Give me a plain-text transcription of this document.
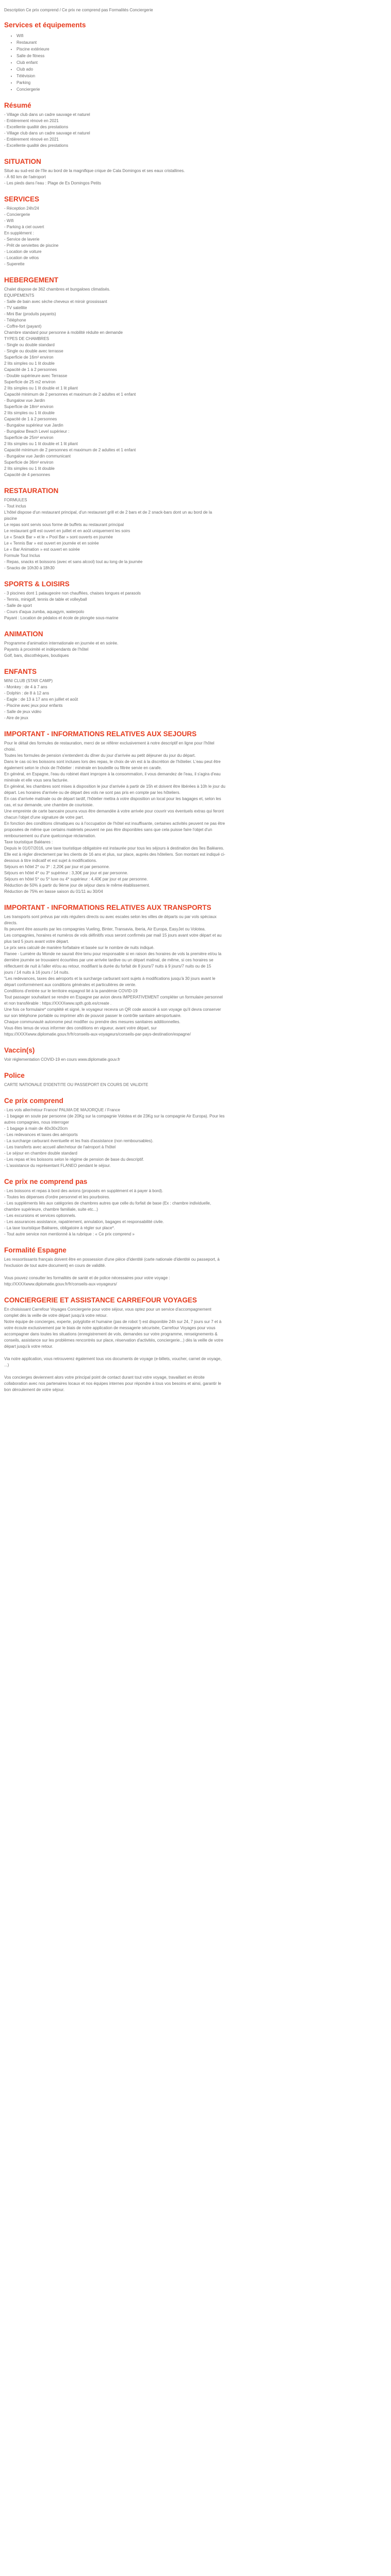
Description Ce prix comprend / Ce prix ne comprend pas Formalités Conciergerie
Services et équipements
• Wifi
• Restaurant
• Piscine extérieure
• Salle de fitness
• Club enfant
• Club ado
• Télévision
• Parking
• Conciergerie
Résumé
- Village club dans un cadre sauvage et naturel
- Entièrement rénové en 2021
- Excellente qualité des prestations
- Village club dans un cadre sauvage et naturel
- Entièrement rénové en 2021
- Excellente qualité des prestations
SITUATION
Situé au sud-est de l'île au bord de la magnifique crique de Cala Domingos et ses eaux cristallines.
- À 60 km de l'aéroport
- Les pieds dans l'eau : Plage de Es Domingos Petits
SERVICES
- Réception 24h/24
- Conciergerie
- Wifi
- Parking à ciel ouvert
En supplément :
- Service de laverie
- Prêt de serviettes de piscine
- Location de voiture
- Location de vélos
- Superette
HEBERGEMENT
Chalet dispose de 362 chambres et bungalows climatisés.
EQUIPEMENTS
- Salle de bain avec sèche cheveux et miroir grossissant
- TV satellite
- Mini Bar (produits payants)
- Téléphone
- Coffre-fort (payant)
Chambre standard pour personne à mobilité réduite en demande
TYPES DE CHAMBRES
- Single ou double standard
- Single ou double avec terrasse
Superficie de 16m² environ
2 lits simples ou 1 lit double
Capacité de 1 à 2 personnes
- Double supérieure avec Terrasse
Superficie de 25 m2 environ
2 lits simples ou 1 lit double et 1 lit pliant
Capacité minimum de 2 personnes et maximum de 2 adultes et 1 enfant
- Bungalow vue Jardin
Superficie de 18m² environ
2 lits simples ou 1 lit double
Capacité de 1 à 2 personnes
- Bungalow supérieur vue Jardin
- Bungalow Beach Level supérieur :
Superficie de 25m² environ
2 lits simples ou 1 lit double et 1 lit pliant
Capacité minimum de 2 personnes et maximum de 2 adultes et 1 enfant
- Bungalow vue Jardin communicant
Superficie de 36m² environ
2 lits simples ou 1 lit double
Capacité de 4 personnes
RESTAURATION
FORMULES
- Tout inclus
L'hôtel dispose d'un restaurant principal, d'un restaurant grill et de 2 bars et de 2 snack-bars dont un au bord de la
piscine
Le repas sont servis sous forme de buffets au restaurant principal
Le restaurant grill est ouvert en juillet et en août uniquement les soirs
Le « Snack Bar » et le « Pool Bar » sont ouverts en journée
Le « Tennis Bar » est ouvert en journée et en soirée
Le « Bar Animation » est ouvert en soirée
Formule Tout Inclus
- Repas, snacks et boissons (avec et sans alcool) tout au long de la journée
- Snacks de 10h30 à 18h30
SPORTS & LOISIRS
- 3 piscines dont 1 pataugeoire non chauffées, chaises longues et parasols
- Tennis, minigolf, tennis de table et volleyball
- Salle de sport
- Cours d'aqua zumba, aquagym, waterpolo
Payant : Location de pédalos et école de plongée sous-marine
ANIMATION
Programme d'animation internationale en journée et en soirée.
Payants à proximité et indépendants de l'hôtel
Golf, bars, discothèques, boutiques
ENFANTS
MINI CLUB (STAR CAMP)
- Monkey : de 4 à 7 ans
- Dolphin : de 8 à 12 ans
- Eagle : de 13 à 17 ans en juillet et août
- Piscine avec jeux pour enfants
- Salle de jeux vidéo
- Aire de jeux
IMPORTANT - INFORMATIONS RELATIVES AUX SEJOURS
Pour le détail des formules de restauration, merci de se référer exclusivement à notre descriptif en ligne pour l'hôtel
choisi.
Toutes les formules de pension s'entendent du dîner du jour d'arrivée au petit déjeuner du jour du départ.
Dans le cas où les boissons sont incluses lors des repas, le choix de vin est à la discrétion de l'hôtelier. L'eau peut être
également selon le choix de l'hôtelier : minérale en bouteille ou filtrée servie en carafe.
En général, en Espagne, l'eau du robinet étant impropre à la consommation, il vous demandez de l'eau, il s'agira d'eau
minérale et elle vous sera facturée.
En général, les chambres sont mises à disposition le jour d'arrivée à partir de 15h et doivent être libérées à 10h le jour du
départ. Les horaires d'arrivée ou de départ des vols ne sont pas pris en compte par les hôteliers.
En cas d'arrivée matinale ou de départ tardif, l'hôtelier mettra à votre disposition un local pour les bagages et, selon les
cas, et sur demande, une chambre de courtoisie.
Une empreinte de carte bancaire pourra vous être demandée à votre arrivée pour couvrir vos éventuels extras qui feront
chacun l'objet d'une signature de votre part.
En fonction des conditions climatiques ou à l'occupation de l'hôtel est insuffisante, certaines activités peuvent ne pas être
proposées de même que certains matériels peuvent ne pas être disponibles sans que cela puisse faire l'objet d'un
remboursement ou d'une quelconque réclamation.
Taxe touristique Baléares :
Depuis le 01/07/2016, une taxe touristique obligatoire est instaurée pour tous les séjours à destination des îles Baléares.
Elle est à régler directement par les clients de 16 ans et plus, sur place, auprès des hôteliers. Son montant est indiqué ci-
dessous à titre indicatif et est sujet à modifications.
Séjours en hôtel 2* ou 3* : 2,20€ par jour et par personne.
Séjours en hôtel 4* ou 3* supérieur : 3,30€ par jour et par personne.
Séjours en hôtel 5* ou 5* luxe ou 4* supérieur : 4,40€ par jour et par personne.
Réduction de 50% à partir du 9ème jour de séjour dans le même établissement.
Réduction de 75% en basse saison du 01/11 au 30/04
IMPORTANT - INFORMATIONS RELATIVES AUX TRANSPORTS
Les transports sont prévus par vols réguliers directs ou avec escales selon les villes de départs ou par vols spéciaux
directs.
Ils peuvent être assurés par les compagnies Vueling, Binter, Transavia, Iberia, Air Europa, EasyJet ou Volotea.
Les compagnies, horaires et numéros de vols définitifs vous seront confirmés par mail 15 jours avant votre départ et au
plus tard 5 jours avant votre départ.
Le prix sera calculé de manière forfaitaire et basée sur le nombre de nuits indiqué.
Flanee - Lumière du Monde ne saurait être tenu pour responsable si en raison des horaires de vols la première et/ou la
dernière journée se trouvaient écourtées par une arrivée tardive ou un départ matinal, de même, si ces horaires se
réflectuent de nuit à l'aller et/ou au retour, modifiant la durée du forfait de 8 jours/7 nuits à 9 jours/7 nuits ou de 15
jours / 14 nuits à 16 jours / 14 nuits.
"Les redevances, taxes des aéroports et la surcharge carburant sont sujets à modifications jusqu'à 30 jours avant le
départ conformément aux conditions générales et particulières de vente.
Conditions d'entrée sur le territoire espagnol lié à la pandémie COVID-19
Tout passager souhaitant se rendre en Espagne par avion devra IMPERATIVEMENT compléter un formulaire personnel
et non transférable : https://XXXXwww.spth.gob.es/create .
Une fois ce formulaire* complété et signé, le voyageur recevra un QR code associé à son voyage qu'il devra conserver
sur son téléphone portable ou imprimer afin de pouvoir passer le contrôle sanitaire aéroportuaire.
Chaque communauté autonome peut modifier ou prendre des mesures sanitaires additionnelles.
Vous êtes tenus de vous informer des conditions en vigueur, avant votre départ, sur
https://XXXXwww.diplomatie.gouv.fr/fr/conseils-aux-voyageurs/conseils-par-pays-destination/espagne/
Vaccin(s)
Voir réglementation COVID-19 en cours www.diplomatie.gouv.fr
Police
CARTE NATIONALE D'IDENTITE OU PASSEPORT EN COURS DE VALIDITE
Ce prix comprend
- Les vols aller/retour France/ PALMA DE MAJORQUE / France
- 1 bagage en soute par personne (de 20Kg sur la compagnie Volotea et de 23Kg sur la compagnie Air Europa). Pour les
autres compagnies, nous interroger
- 1 bagage à main de 40x30x20cm
- Les redevances et taxes des aéroports
- La surcharge carburant éventuelle et les frais d'assistance (non remboursables).
- Les transferts avec accueil aller/retour de l'aéroport à l'hôtel
- Le séjour en chambre double standard
- Les repas et les boissons selon le régime de pension de base du descriptif.
- L'assistance du représentant FLANEO pendant le séjour.
Ce prix ne comprend pas
- Les boissons et repas à bord des avions (proposés en supplément et à payer à bord).
- Toutes les dépenses d'ordre personnel et les pourboires.
- Les suppléments liés aux catégories de chambres autres que celle du forfait de base (Ex : chambre individuelle,
chambre supérieure, chambre familiale, suite etc...)
- Les excursions et services optionnels.
- Les assurances assistance, rapatriement, annulation, bagages et responsabilité civile.
- La taxe touristique Baléares, obligatoire à régler sur place*.
- Tout autre service non mentionné à la rubrique : « Ce prix comprend »
Formalité Espagne
Les ressortissants français doivent être en possession d'une pièce d'identité (carte nationale d'identité ou passeport, à
l'exclusion de tout autre document) en cours de validité.

Vous pouvez consulter les formalités de santé et de police nécessaires pour votre voyage :
http://XXXXwww.diplomatie.gouv.fr/fr/conseils-aux-voyageurs/
CONCIERGERIE ET ASSISTANCE CARREFOUR VOYAGES
En choisissant Carrefour Voyages Conciergerie pour votre séjour, vous optez pour un service d'accompagnement
complet dès la veille de votre départ jusqu'à votre retour.
Notre équipe de concierges, experte, polyglotte et humaine (pas de robot !) est disponible 24h sur 24, 7 jours sur 7 et à
votre écoute exclusivement par le biais de notre application de messagerie sécurisée, Carrefour Voyages pour vous
accompagner dans toutes les situations (enregistrement de vols, demandes sur votre programme, renseignements &
conseils, assistance sur les problèmes rencontrés sur place, réservation d'activités, conciergerie...) dès la veille de votre
départ jusqu'à votre retour.

Via notre application, vous retrouverez également tous vos documents de voyage (e-billets, voucher, carnet de voyage,
...)

Vos concierges deviennent alors votre principal point de contact durant tout votre voyage, travaillant en étroite
collaboration avec nos partenaires locaux et nos équipes internes pour répondre à tous vos besoins et ainsi, garantir le
bon déroulement de votre séjour.
